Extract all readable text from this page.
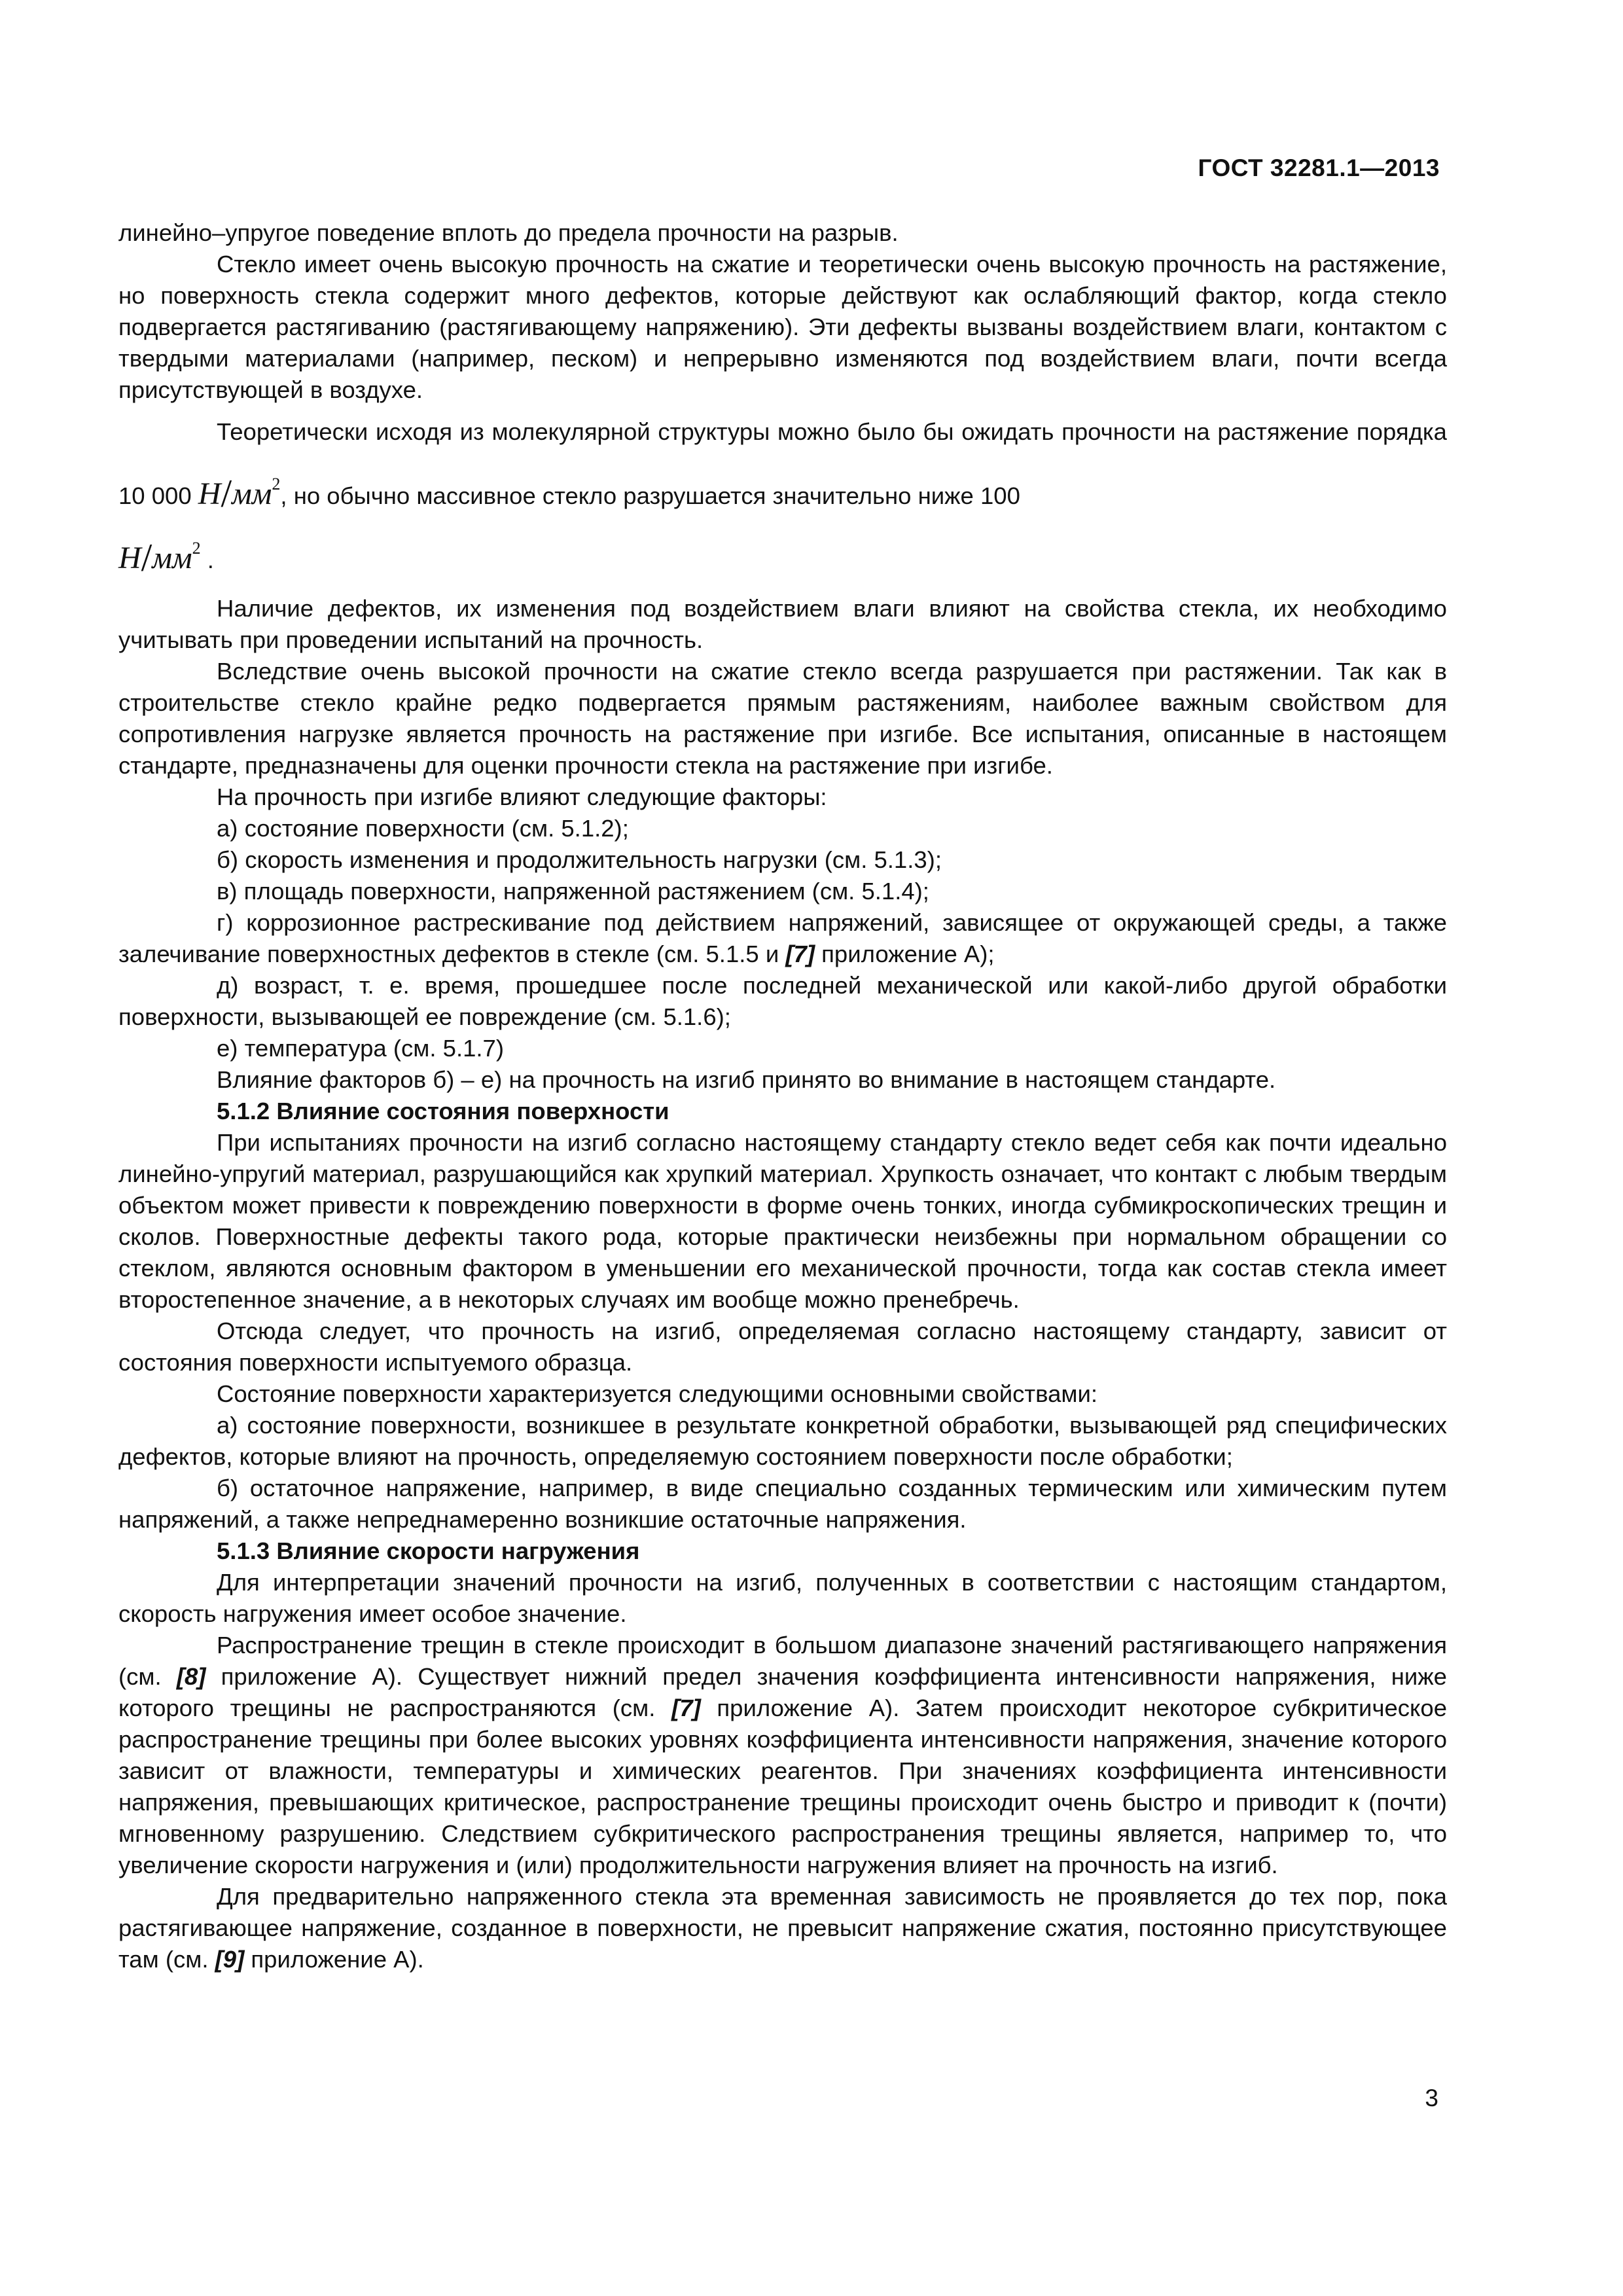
ГОСТ 32281.1—2013

линейно–упругое поведение вплоть до предела прочности на разрыв.

Стекло имеет очень высокую прочность на сжатие и теоретически очень высокую прочность на растяжение, но поверхность стекла содержит много дефектов, которые действуют как ослабляющий фактор, когда стекло подвергается растягиванию (растягивающему напряжению). Эти дефекты вызваны воздействием влаги, контактом с твердыми материалами (например, песком) и непрерывно изменяются под воздействием влаги, почти всегда присутствующей в воздухе.

Теоретически исходя из молекулярной структуры можно было бы ожидать прочности на растяжение порядка 10 000 $Н/мм^2$, но обычно массивное стекло разрушается значительно ниже 100
$Н/мм^2$ .

Наличие дефектов, их изменения под воздействием влаги влияют на свойства стекла, их необходимо учитывать при проведении испытаний на прочность.

Вследствие очень высокой прочности на сжатие стекло всегда разрушается при растяжении. Так как в строительстве стекло крайне редко подвергается прямым растяжениям, наиболее важным свойством для сопротивления нагрузке является прочность на растяжение при изгибе. Все испытания, описанные в настоящем стандарте, предназначены для оценки прочности стекла на растяжение при изгибе.

На прочность при изгибе влияют следующие факторы:

а) состояние поверхности (см. 5.1.2);

б) скорость изменения и продолжительность нагрузки (см. 5.1.3);

в) площадь поверхности, напряженной растяжением (см. 5.1.4);

г) коррозионное растрескивание под действием напряжений, зависящее от окружающей среды, а также залечивание поверхностных дефектов в стекле (см. 5.1.5 и [7] приложение А);

д) возраст, т. е. время, прошедшее после последней механической или какой-либо другой обработки поверхности, вызывающей ее повреждение (см. 5.1.6);

е) температура (см. 5.1.7)

Влияние факторов б) – е) на прочность на изгиб принято во внимание в настоящем стандарте.

5.1.2 Влияние состояния поверхности

При испытаниях прочности на изгиб согласно настоящему стандарту стекло ведет себя как почти идеально линейно-упругий материал, разрушающийся как хрупкий материал. Хрупкость означает, что контакт с любым твердым объектом может привести к повреждению поверхности в форме очень тонких, иногда субмикроскопических трещин и сколов. Поверхностные дефекты такого рода, которые практически неизбежны при нормальном обращении со стеклом, являются основным фактором в уменьшении его механической прочности, тогда как состав стекла имеет второстепенное значение, а в некоторых случаях им вообще можно пренебречь.

Отсюда следует, что прочность на изгиб, определяемая согласно настоящему стандарту, зависит от состояния поверхности испытуемого образца.

Состояние поверхности характеризуется следующими основными свойствами:

а) состояние поверхности, возникшее в результате конкретной обработки, вызывающей ряд специфических дефектов, которые влияют на прочность, определяемую состоянием поверхности после обработки;

б) остаточное напряжение, например, в виде специально созданных термическим или химическим путем напряжений, а также непреднамеренно возникшие остаточные напряжения.

5.1.3 Влияние скорости нагружения

Для интерпретации значений прочности на изгиб, полученных в соответствии с настоящим стандартом, скорость нагружения имеет особое значение.

Распространение трещин в стекле происходит в большом диапазоне значений растягивающего напряжения (см. [8] приложение А). Существует нижний предел значения коэффициента интенсивности напряжения, ниже которого трещины не распространяются (см. [7] приложение А). Затем происходит некоторое субкритическое распространение трещины при более высоких уровнях коэффициента интенсивности напряжения, значение которого зависит от влажности, температуры и химических реагентов. При значениях коэффициента интенсивности напряжения, превышающих критическое, распространение трещины происходит очень быстро и приводит к (почти) мгновенному разрушению. Следствием субкритического распространения трещины является, например то, что увеличение скорости нагружения и (или) продолжительности нагружения влияет на прочность на изгиб.

Для предварительно напряженного стекла эта временная зависимость не проявляется до тех пор, пока растягивающее напряжение, созданное в поверхности, не превысит напряжение сжатия, постоянно присутствующее там (см. [9] приложение А).

3
